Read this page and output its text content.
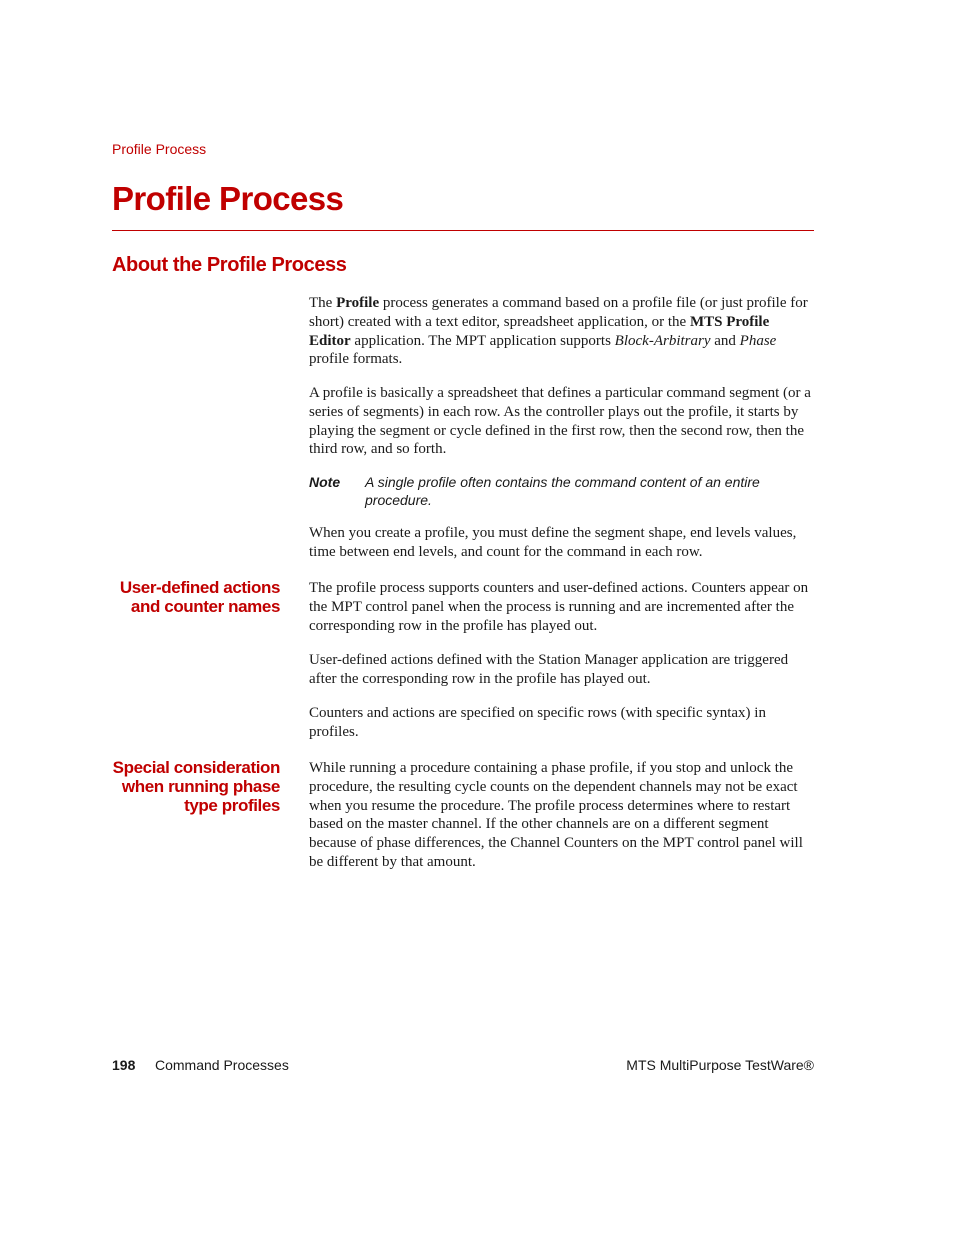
Profile Process
Profile Process
About the Profile Process

The Profile process generates a command based on a profile file (or just profile for short) created with a text editor, spreadsheet application, or the MTS Profile Editor application. The MPT application supports Block-Arbitrary and Phase profile formats.

A profile is basically a spreadsheet that defines a particular command segment (or a series of segments) in each row. As the controller plays out the profile, it starts by playing the segment or cycle defined in the first row, then the second row, then the third row, and so forth.

Note A single profile often contains the command content of an entire procedure.

When you create a profile, you must define the segment shape, end levels values, time between end levels, and count for the command in each row.

User-defined actions
and counter names

The profile process supports counters and user-defined actions. Counters appear on the MPT control panel when the process is running and are incremented after the corresponding row in the profile has played out.

User-defined actions defined with the Station Manager application are triggered after the corresponding row in the profile has played out.

Counters and actions are specified on specific rows (with specific syntax) in profiles.

Special consideration
when running phase
type profiles

While running a procedure containing a phase profile, if you stop and unlock the procedure, the resulting cycle counts on the dependent channels may not be exact when you resume the procedure. The profile process determines where to restart based on the master channel. If the other channels are on a different segment because of phase differences, the Channel Counters on the MPT control panel will be different by that amount.

198 Command Processes	MTS MultiPurpose TestWare®
